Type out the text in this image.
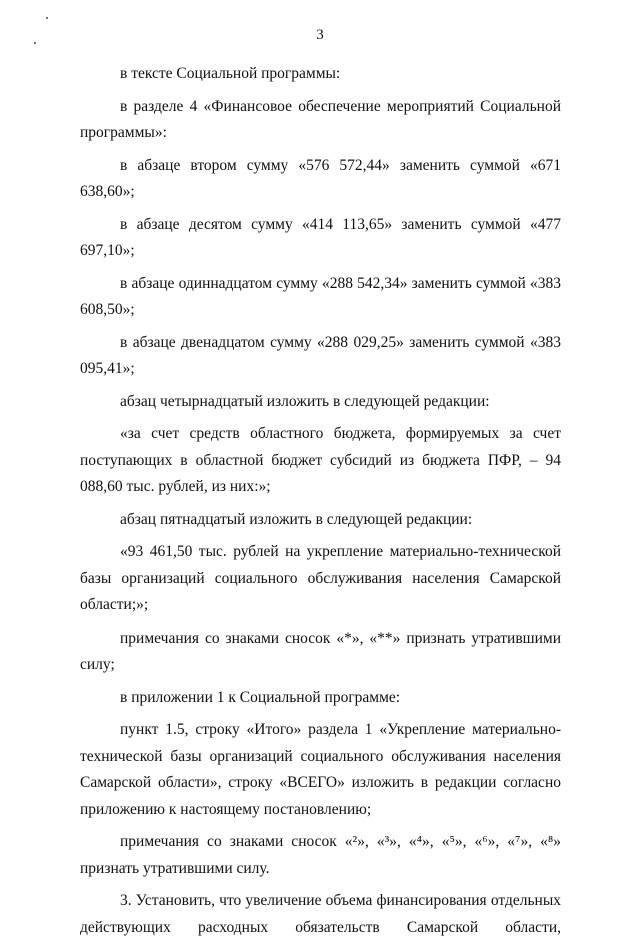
3

в тексте Социальной программы:

в разделе 4 «Финансовое обеспечение мероприятий Социальной программы»:

в абзаце втором сумму «576 572,44» заменить суммой «671 638,60»;

в абзаце десятом сумму «414 113,65» заменить суммой «477 697,10»;

в абзаце одиннадцатом сумму «288 542,34» заменить суммой «383 608,50»;

в абзаце двенадцатом сумму «288 029,25» заменить суммой «383 095,41»;

абзац четырнадцатый изложить в следующей редакции:

«за счет средств областного бюджета, формируемых за счет поступающих в областной бюджет субсидий из бюджета ПФР, – 94 088,60 тыс. рублей, из них:»;

абзац пятнадцатый изложить в следующей редакции:

«93 461,50 тыс. рублей на укрепление материально-технической базы организаций социального обслуживания населения Самарской области;»;

примечания со знаками сносок «*», «**» признать утратившими силу;

в приложении 1 к Социальной программе:

пункт 1.5, строку «Итого» раздела 1 «Укрепление материально-технической базы организаций социального обслуживания населения Самарской области», строку «ВСЕГО» изложить в редакции согласно приложению к настоящему постановлению;

примечания со знаками сносок «²», «³», «⁴», «⁵», «⁶», «⁷», «⁸» признать утратившими силу.

3. Установить, что увеличение объема финансирования отдельных действующих расходных обязательств Самарской области,
